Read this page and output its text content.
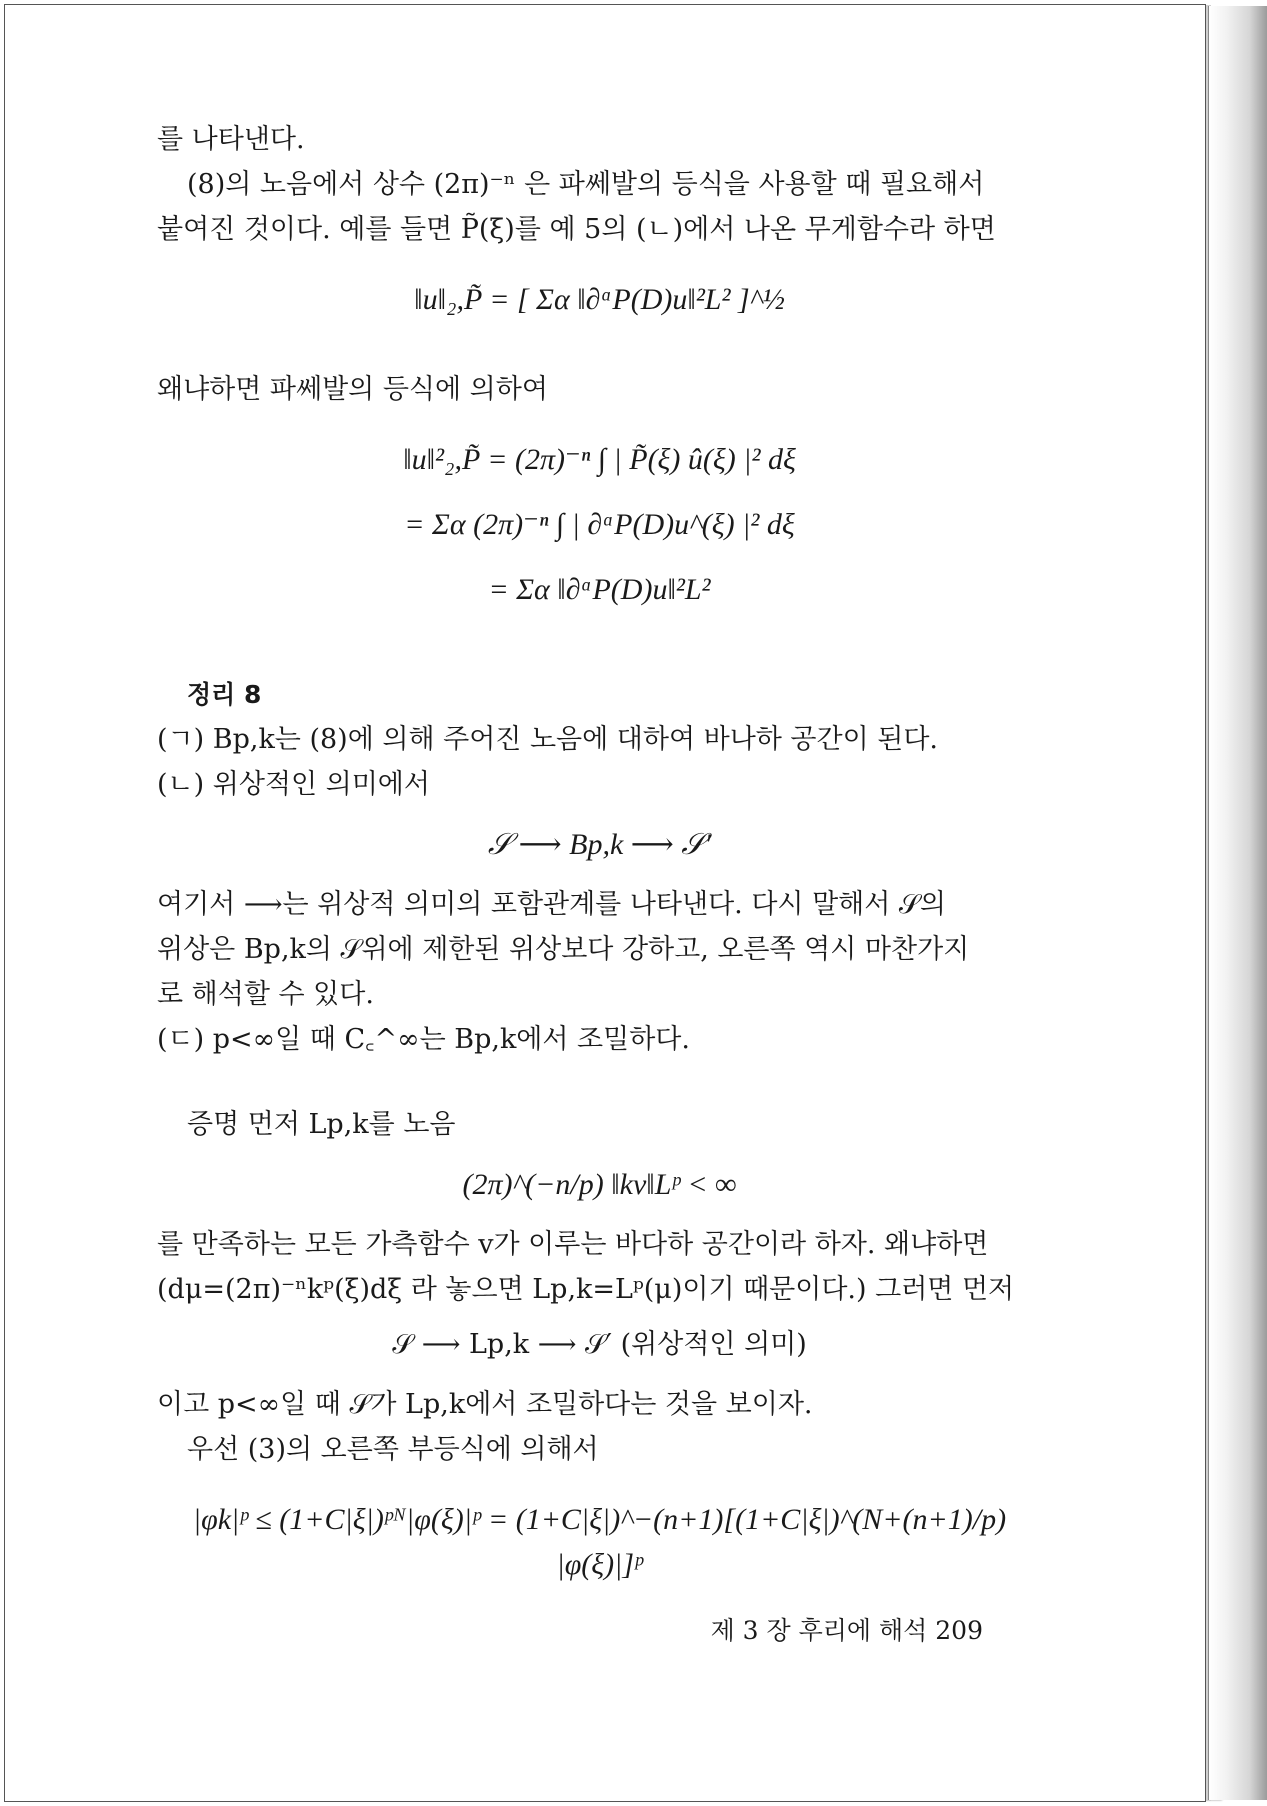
를 나타낸다.
(8)의 노음에서 상수 (2π)⁻ⁿ 은 파쎄발의 등식을 사용할 때 필요해서
붙여진 것이다. 예를 들면 P̃(ξ)를 예 5의 (ㄴ)에서 나온 무게함수라 하면
‖u‖₂,P̃ = [ Σα ‖∂ᵅP(D)u‖²L² ]^½
왜냐하면 파쎄발의 등식에 의하여
‖u‖²₂,P̃ = (2π)⁻ⁿ ∫ | P̃(ξ) û(ξ) |² dξ
= Σα (2π)⁻ⁿ ∫ | ∂ᵅP(D)u^(ξ) |² dξ
= Σα ‖∂ᵅP(D)u‖²L²
정리 8
(ㄱ) Bp,k는 (8)에 의해 주어진 노음에 대하여 바나하 공간이 된다.
(ㄴ) 위상적인 의미에서
𝒮 ⟶ Bp,k ⟶ 𝒮′
여기서 ⟶는 위상적 의미의 포함관계를 나타낸다. 다시 말해서 𝒮의
위상은 Bp,k의 𝒮위에 제한된 위상보다 강하고, 오른쪽 역시 마찬가지
로 해석할 수 있다.
(ㄷ) p<∞일 때 C꜀^∞는 Bp,k에서 조밀하다.
증명 먼저 Lp,k를 노음
(2π)^(−n/p) ‖kv‖Lᵖ < ∞
를 만족하는 모든 가측함수 v가 이루는 바다하 공간이라 하자. 왜냐하면
(dμ=(2π)⁻ⁿkᵖ(ξ)dξ 라 놓으면 Lp,k=Lᵖ(μ)이기 때문이다.) 그러면 먼저
𝒮 ⟶ Lp,k ⟶ 𝒮′ (위상적인 의미)
이고 p<∞일 때 𝒮가 Lp,k에서 조밀하다는 것을 보이자.
우선 (3)의 오른쪽 부등식에 의해서
|φk|ᵖ ≤ (1+C|ξ|)ᵖᴺ|φ(ξ)|ᵖ = (1+C|ξ|)^−(n+1)[(1+C|ξ|)^(N+(n+1)/p)
|φ(ξ)|]ᵖ
제 3 장 후리에 해석 209
